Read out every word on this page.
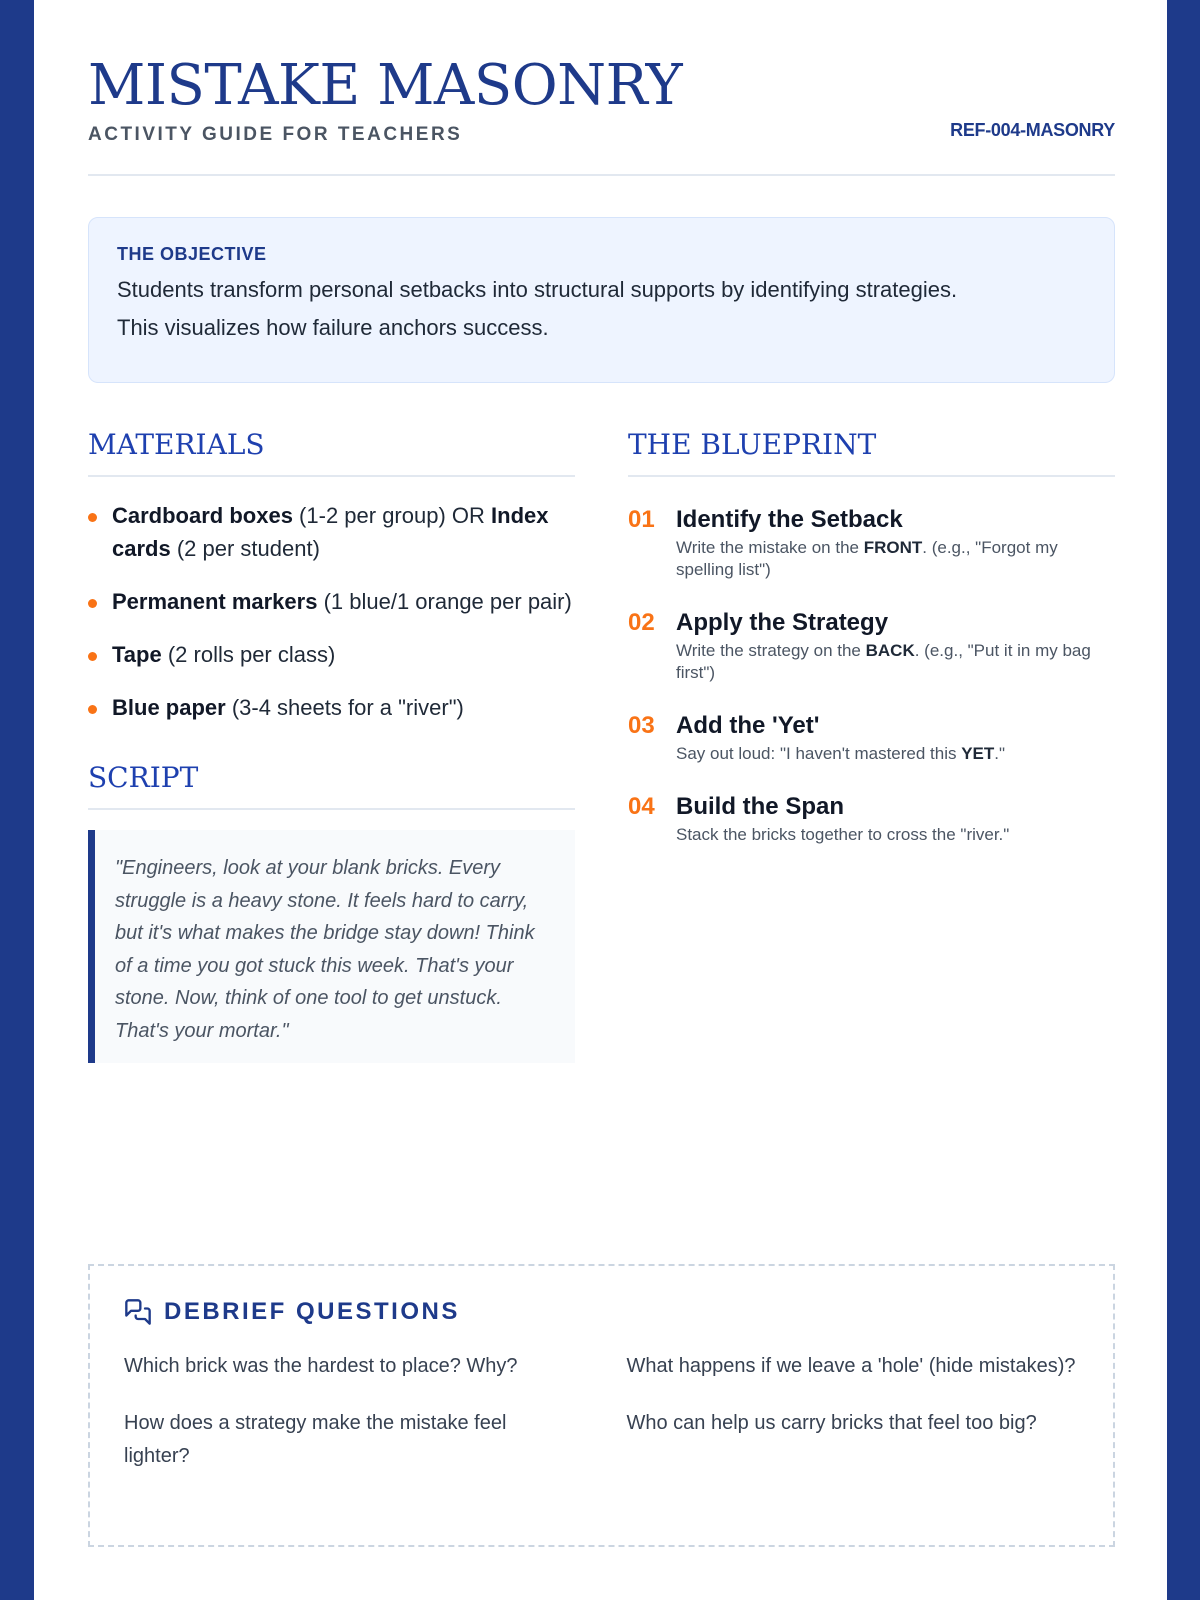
MISTAKE MASONRY
ACTIVITY GUIDE FOR TEACHERS	REF-004-MASONRY
THE OBJECTIVE
Students transform personal setbacks into structural supports by identifying strategies.
This visualizes how failure anchors success.
MATERIALS
Cardboard boxes (1-2 per group) OR Index cards (2 per student)
Permanent markers (1 blue/1 orange per pair)
Tape (2 rolls per class)
Blue paper (3-4 sheets for a "river")
SCRIPT
"Engineers, look at your blank bricks. Every struggle is a heavy stone. It feels hard to carry, but it's what makes the bridge stay down! Think of a time you got stuck this week. That's your stone. Now, think of one tool to get unstuck. That's your mortar."
THE BLUEPRINT
01 Identify the Setback
Write the mistake on the FRONT. (e.g., "Forgot my spelling list")
02 Apply the Strategy
Write the strategy on the BACK. (e.g., "Put it in my bag first")
03 Add the 'Yet'
Say out loud: "I haven't mastered this YET."
04 Build the Span
Stack the bricks together to cross the "river."
DEBRIEF QUESTIONS
Which brick was the hardest to place? Why?	What happens if we leave a 'hole' (hide mistakes)?
How does a strategy make the mistake feel lighter?
Who can help us carry bricks that feel too big?
